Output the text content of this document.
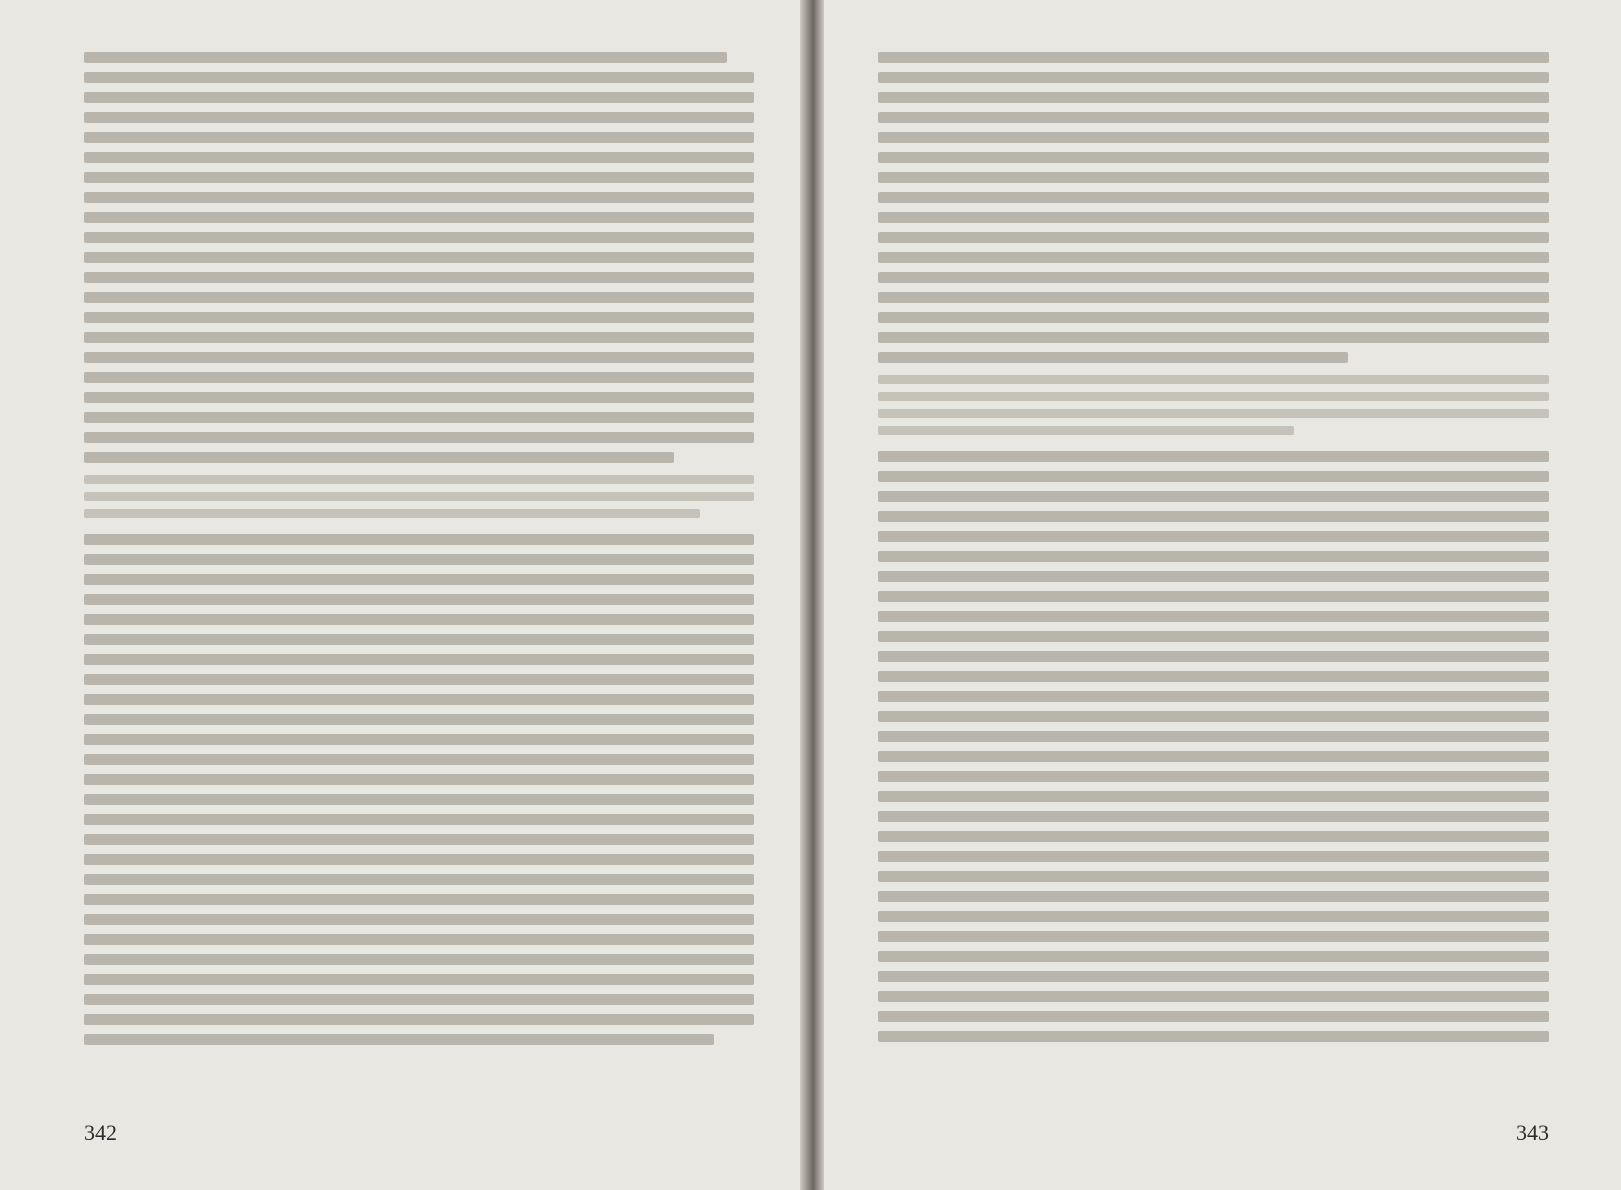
342	343
